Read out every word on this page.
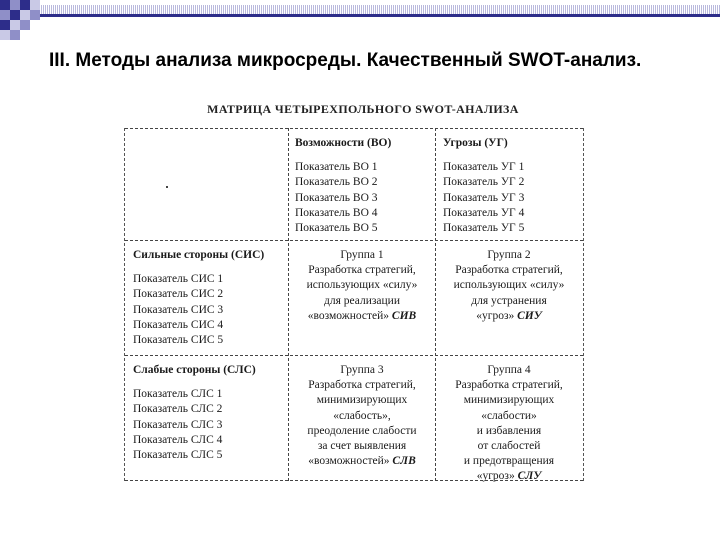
III. Методы анализа микросреды. Качественный SWOT-анализ.
МАТРИЦА ЧЕТЫРЕХПОЛЬНОГО SWOT-АНАЛИЗА
Возможности (ВО)
Показатель ВО 1
Показатель ВО 2
Показатель ВО 3
Показатель ВО 4
Показатель ВО 5
Угрозы (УГ)
Показатель УГ 1
Показатель УГ 2
Показатель УГ 3
Показатель УГ 4
Показатель УГ 5
Сильные стороны (СИС)
Показатель СИС 1
Показатель СИС 2
Показатель СИС 3
Показатель СИС 4
Показатель СИС 5
Группа 1
Разработка стратегий,
использующих «силу»
для реализации
«возможностей» СИВ
Группа 2
Разработка стратегий,
использующих «силу»
для устранения
«угроз» СИУ
Слабые стороны (СЛС)
Показатель СЛС 1
Показатель СЛС 2
Показатель СЛС 3
Показатель СЛС 4
Показатель СЛС 5
Группа 3
Разработка стратегий,
минимизирующих
«слабость»,
преодоление слабости
за счет выявления
«возможностей» СЛВ
Группа 4
Разработка стратегий,
минимизирующих
«слабости»
и избавления
от слабостей
и предотвращения
«угроз» СЛУ
